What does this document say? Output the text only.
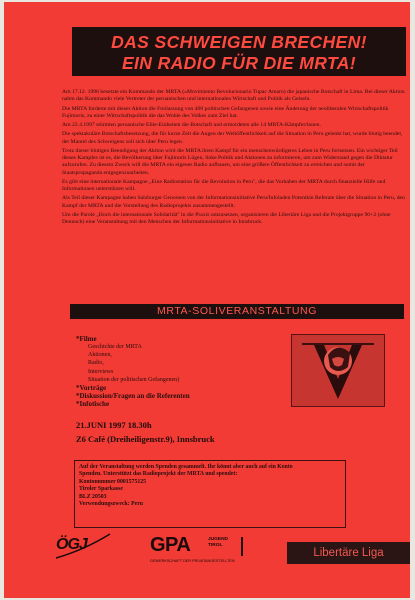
DAS SCHWEIGEN BRECHEN!
EIN RADIO FÜR DIE MRTA!

Am 17.12. 1996 besetzte ein Kommando der MRTA (»Movimiento Revolucionario Tupac Amaru) die japanische Botschaft in Lima. Bei dieser Aktion nahm das Kommando viele Vertreter der peruanischen und internationalen Wirtschaft und Politik als Geiseln.

Die MRTA forderte mit dieser Aktion die Freilassung von 400 politischen Gefangenen sowie eine Änderung der neoliberalen Wirtschaftspolitik Fujimoris, zu einer Wirtschaftspolitik die das Wohle des Volkes zum Ziel hat.

Am 22.4.1997 stürmten peruanische Elite-Einheiten die Botschaft und ermordeten alle 14 MRTA-Kämpfer/innen.

Die spektakuläre Botschaftsbesetzung, die für kurze Zeit die Augen der Weltöffentlichkeit auf die Situation in Peru gelenkt hat, wurde blutig beendet, der Mantel des Schweigens soll sich über Peru legen.

Trotz dieser blutigen Beendigung der Aktion wird die MRTA ihren Kampf für ein menschenwürdigeres Leben in Peru fortsetzen. Ein wichtiger Teil dieses Kampfes ist es, die Bevölkerung über Fujimoris Lügen, linke Politik und Aktionen zu informieren, um zum Widerstand gegen die Diktatur aufzurufen. Zu diesem Zweck will die MRTA ein eigenes Radio aufbauen, um eine größere Öffentlichkeit zu erreichen und somit der Staatspropaganda entgegenzuarbeiten.

Es gibt eine internationale Kampagne „Eine Radiostation für die Revolution in Peru", die das Vorhaben der MRTA durch finanzielle Hilfe und Informationen unterstützen will.

Als Teil dieser Kampagne haben Salzburger Genossen von der Informationsinitiative Peru/Infoladen Potemkin Referate über die Situation in Peru, den Kampf der MRTA und die Vorstellung des Radioprojekts zusammengestellt.

Um die Parole „Hoch die internationale Solidarität" in die Praxis umzusetzen, organisieren die Libertäre Liga und die Projektgruppe 90+2 (ohne Dennoch) eine Veranstaltung mit den Menschen der Informationsinitiative in Innsbruck.

MRTA-SOLIVERANSTALTUNG
*Filme
Geschichte der MRTA
Aktionen,
Radio,
Interviews
Situation der politischen Gefangenen)
*Vorträge
*Diskussion/Fragen an die Referenten
*Infotische
21.JUNI 1997 18.30h
Z6 Café (Dreiheiligenstr.9), Innsbruck
Auf der Veranstaltung werden Spenden gesammelt. Ihr könnt aber auch auf ein Konto
Spenden. Unterstützt das Radioprojekt der MRTA und spendet:
Kontonummer 0001575125
Tiroler Sparkasse
BLZ 20503
Verwendungszweck: Peru
ÖGJ	GPA	JUGEND
TIROL
GEWERKSCHAFT DER PRIVATANGESTELLTEN
Libertäre Liga
